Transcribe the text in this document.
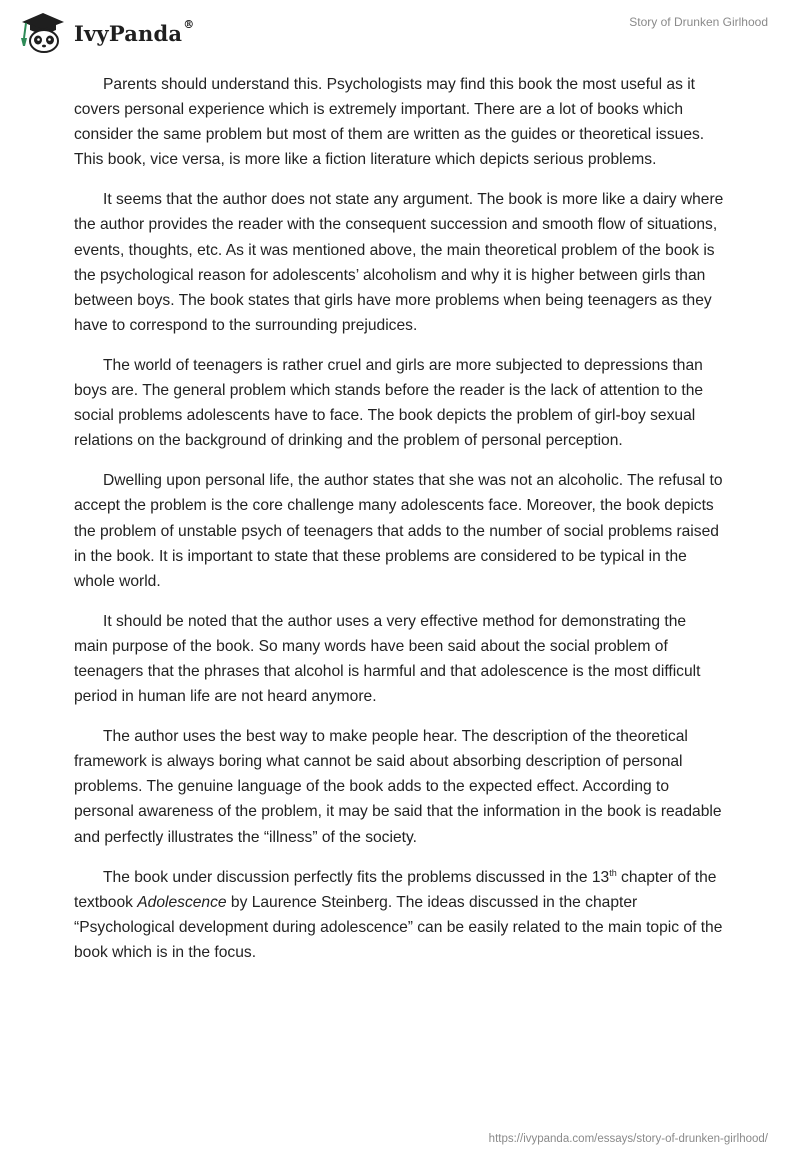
IvyPanda®	Story of Drunken Girlhood

Parents should understand this. Psychologists may find this book the most useful as it covers personal experience which is extremely important. There are a lot of books which consider the same problem but most of them are written as the guides or theoretical issues. This book, vice versa, is more like a fiction literature which depicts serious problems.

It seems that the author does not state any argument. The book is more like a dairy where the author provides the reader with the consequent succession and smooth flow of situations, events, thoughts, etc. As it was mentioned above, the main theoretical problem of the book is the psychological reason for adolescents’ alcoholism and why it is higher between girls than between boys. The book states that girls have more problems when being teenagers as they have to correspond to the surrounding prejudices.

The world of teenagers is rather cruel and girls are more subjected to depressions than boys are. The general problem which stands before the reader is the lack of attention to the social problems adolescents have to face. The book depicts the problem of girl-boy sexual relations on the background of drinking and the problem of personal perception.

Dwelling upon personal life, the author states that she was not an alcoholic. The refusal to accept the problem is the core challenge many adolescents face. Moreover, the book depicts the problem of unstable psych of teenagers that adds to the number of social problems raised in the book. It is important to state that these problems are considered to be typical in the whole world.

It should be noted that the author uses a very effective method for demonstrating the main purpose of the book. So many words have been said about the social problem of teenagers that the phrases that alcohol is harmful and that adolescence is the most difficult period in human life are not heard anymore.

The author uses the best way to make people hear. The description of the theoretical framework is always boring what cannot be said about absorbing description of personal problems. The genuine language of the book adds to the expected effect. According to personal awareness of the problem, it may be said that the information in the book is readable and perfectly illustrates the “illness” of the society.

The book under discussion perfectly fits the problems discussed in the 13th chapter of the textbook Adolescence by Laurence Steinberg. The ideas discussed in the chapter “Psychological development during adolescence” can be easily related to the main topic of the book which is in the focus.

https://ivypanda.com/essays/story-of-drunken-girlhood/
